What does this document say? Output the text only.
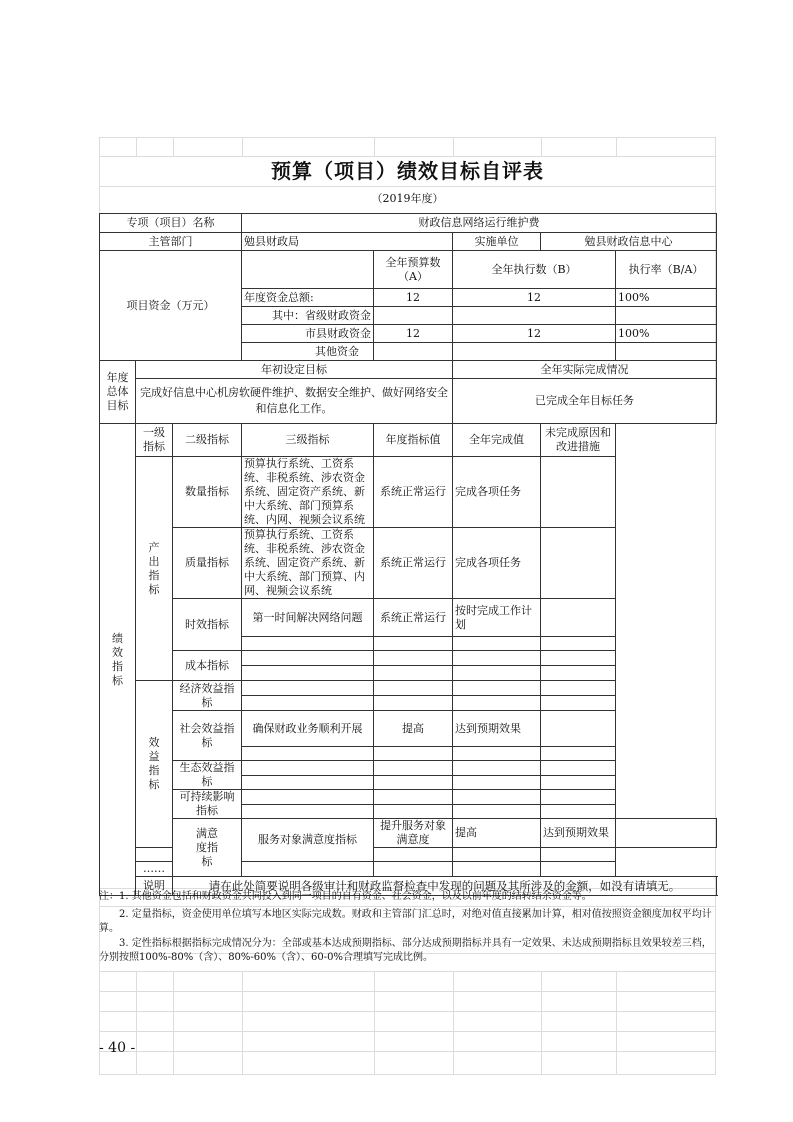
预算（项目）绩效目标自评表
（2019年度）
专项（项目）名称			财政信息网络运行维护费				
主管部门			勉县财政局		实施单位	勉县财政信息中心	
项目资金（万元）				全年预算数（A）	全年执行数（B）		执行率（B/A）
			年度资金总额:	12	12		100%
			其中：省级财政资金				
			市县财政资金	12	12		100%
			其他资金				
年度总体目标	年初设定目标				全年实际完成情况		
	完成好信息中心机房软硬件维护、数据安全维护、做好网络安全和信息化工作。				已完成全年目标任务		
绩效指标	一级指标	二级指标	三级指标	年度指标值	全年完成值	未完成原因和改进措施	
	产出指标	数量指标	预算执行系统、工资系统、非税系统、涉农资金系统、固定资产系统、新中大系统、部门预算系统、内网、视频会议系统	系统正常运行	完成各项任务		
		质量指标	预算执行系统、工资系统、非税系统、涉农资金系统、固定资产系统、新中大系统、部门预算、内网、视频会议系统	系统正常运行	完成各项任务		
		时效指标	第一时间解决网络问题	系统正常运行	按时完成工作计划		

		成本指标					

	效益指标	经济效益指标					

		社会效益指标	确保财政业务顺利开展	提高	达到预期效果		

		生态效益指标					

		可持续影响指标					

		满意度指标	服务对象满意度指标	提升服务对象满意度	提高	达到预期效果	

	……						
	说明	请在此处简要说明各级审计和财政监督检查中发现的问题及其所涉及的金额，如没有请填无。					
注：1. 其他资金包括和财政资金共同投入到同一项目的自有资金、社会资金，以及以前年度的结转结余资金等。
2. 定量指标，资金使用单位填写本地区实际完成数。财政和主管部门汇总时，对绝对值直接累加计算，相对值按照资金额度加权平均计算。
3. 定性指标根据指标完成情况分为：全部或基本达成预期指标、部分达成预期指标并具有一定效果、未达成预期指标且效果较差三档，分别按照100%-80%（含）、80%-60%（含）、60-0%合理填写完成比例。
- 40 -
